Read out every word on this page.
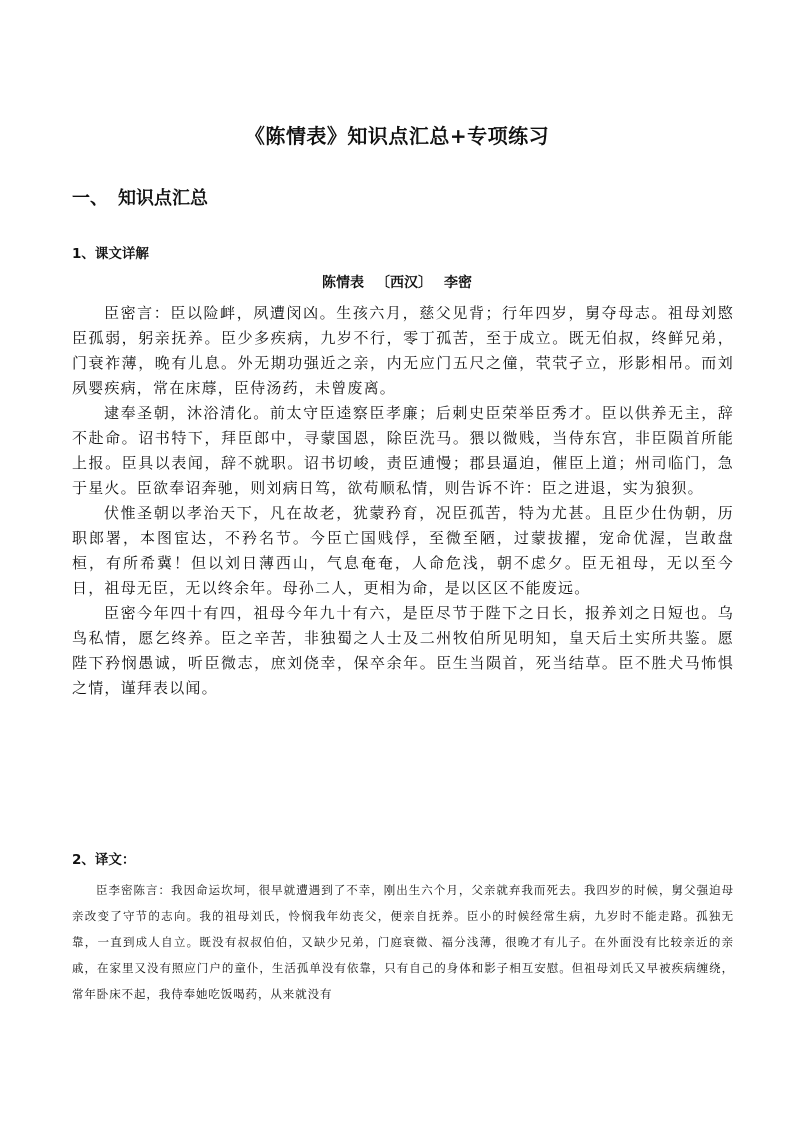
《陈情表》知识点汇总+专项练习
一、 知识点汇总
1、课文详解
陈情表 〔西汉〕 李密

臣密言：臣以险衅，夙遭闵凶。生孩六月，慈父见背；行年四岁，舅夺母志。祖母刘愍臣孤弱，躬亲抚养。臣少多疾病，九岁不行，零丁孤苦，至于成立。既无伯叔，终鲜兄弟，门衰祚薄，晚有儿息。外无期功强近之亲，内无应门五尺之僮，茕茕孑立，形影相吊。而刘夙婴疾病，常在床蓐，臣侍汤药，未曾废离。

逮奉圣朝，沐浴清化。前太守臣逵察臣孝廉；后刺史臣荣举臣秀才。臣以供养无主，辞不赴命。诏书特下，拜臣郎中，寻蒙国恩，除臣洗马。猥以微贱，当侍东宫，非臣陨首所能上报。臣具以表闻，辞不就职。诏书切峻，责臣逋慢；郡县逼迫，催臣上道；州司临门，急于星火。臣欲奉诏奔驰，则刘病日笃，欲苟顺私情，则告诉不许：臣之进退，实为狼狈。

伏惟圣朝以孝治天下，凡在故老，犹蒙矜育，况臣孤苦，特为尤甚。且臣少仕伪朝，历职郎署，本图宦达，不矜名节。今臣亡国贱俘，至微至陋，过蒙拔擢，宠命优渥，岂敢盘桓，有所希冀！但以刘日薄西山，气息奄奄，人命危浅，朝不虑夕。臣无祖母，无以至今日，祖母无臣，无以终余年。母孙二人，更相为命，是以区区不能废远。

臣密今年四十有四，祖母今年九十有六，是臣尽节于陛下之日长，报养刘之日短也。乌鸟私情，愿乞终养。臣之辛苦，非独蜀之人士及二州牧伯所见明知，皇天后土实所共鉴。愿陛下矜悯愚诚，听臣微志，庶刘侥幸，保卒余年。臣生当陨首，死当结草。臣不胜犬马怖惧之情，谨拜表以闻。

2、译文：

臣李密陈言：我因命运坎坷，很早就遭遇到了不幸，刚出生六个月，父亲就弃我而死去。我四岁的时候，舅父强迫母亲改变了守节的志向。我的祖母刘氏，怜悯我年幼丧父，便亲自抚养。臣小的时候经常生病，九岁时不能走路。孤独无靠，一直到成人自立。既没有叔叔伯伯，又缺少兄弟，门庭衰微、福分浅薄，很晚才有儿子。在外面没有比较亲近的亲戚，在家里又没有照应门户的童仆，生活孤单没有依靠，只有自己的身体和影子相互安慰。但祖母刘氏又早被疾病缠绕，常年卧床不起，我侍奉她吃饭喝药，从来就没有
